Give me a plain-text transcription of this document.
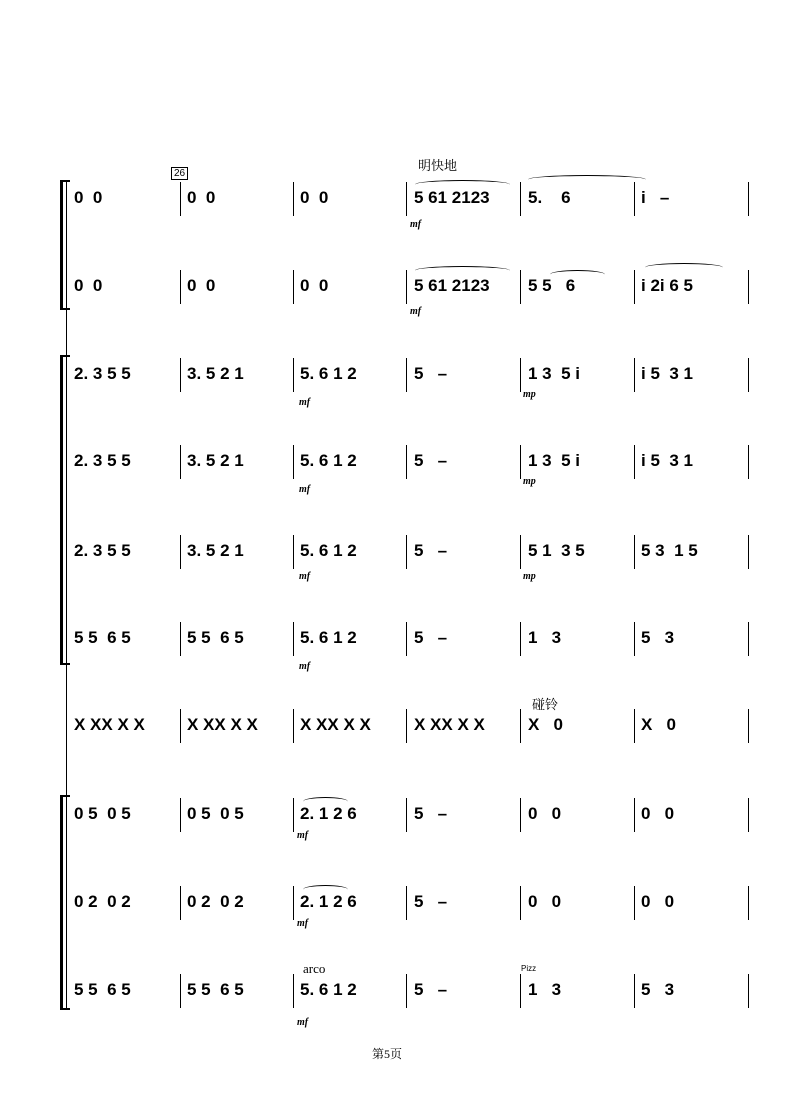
明快地
26
0  0	0  0	0  0	5 61 2123	5.    6	i   –
0  0	0  0	0  0	5 61 2123	5 5   6	i 2i 6 5
2. 3 5 5	3. 5 2 1	5. 6 1 2	5   –	1 3  5 i	i 5  3 1
2. 3 5 5	3. 5 2 1	5. 6 1 2	5   –	1 3  5 i	i 5  3 1
2. 3 5 5	3. 5 2 1	5. 6 1 2	5   –	5 1  3 5	5 3  1 5
5 5  6 5	5 5  6 5	5. 6 1 2	5   –	1   3	5   3
X XX X X	X XX X X	X XX X X	X XX X X	X   0	X   0
0 5  0 5	0 5  0 5	2. 1 2 6	5   –	0   0	0   0
0 2  0 2	0 2  0 2	2. 1 2 6	5   –	0   0	0   0
5 5  6 5	5 5  6 5	5. 6 1 2	5   –	1   3	5   3
碰铃
arco	Pizz
mf
mf
mf
mf
mf
mf
mp
mp
mp
mf
mf
mf
第5页
